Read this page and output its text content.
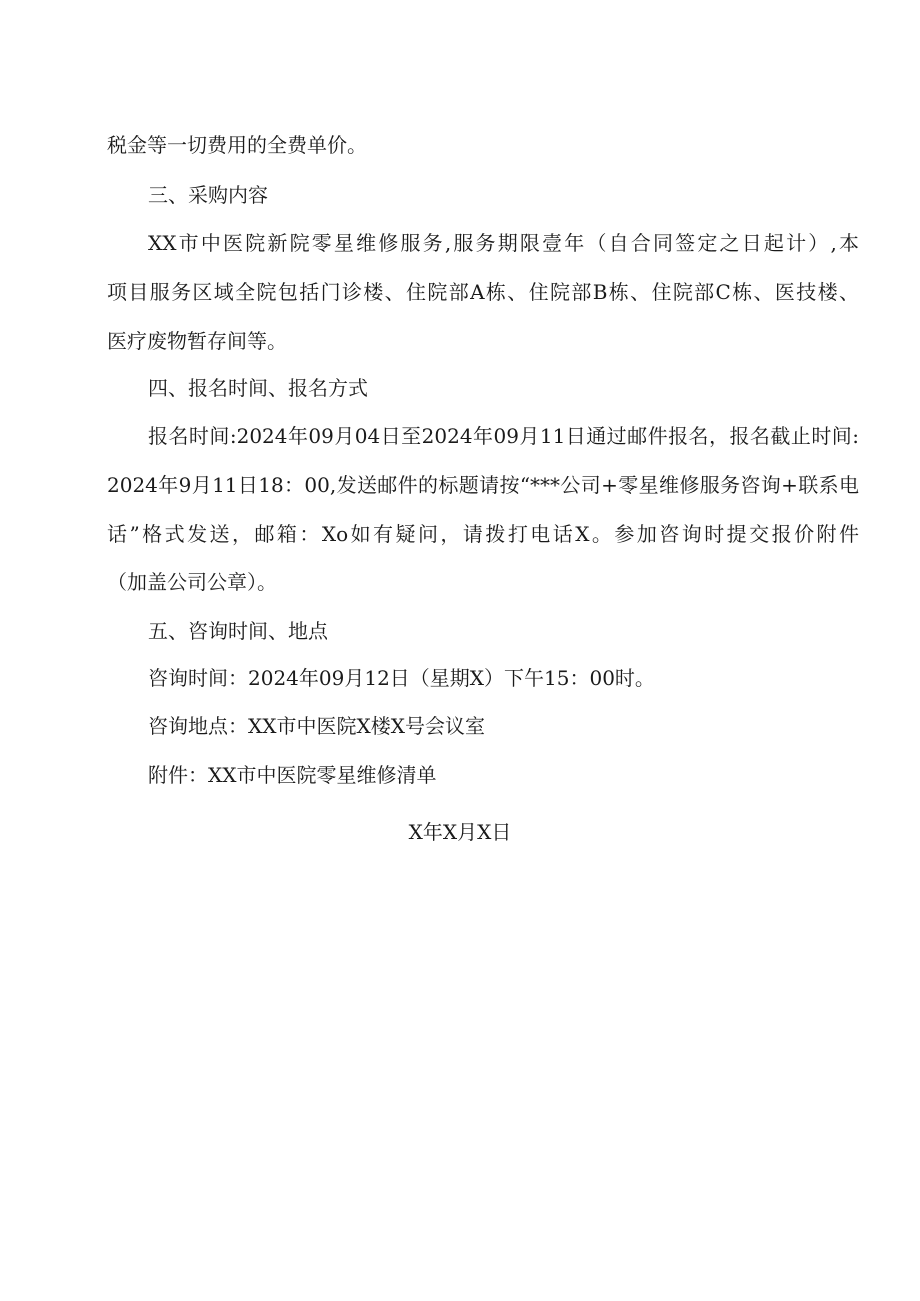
税金等一切费用的全费单价。

三、采购内容

XX市中医院新院零星维修服务,服务期限壹年（自合同签定之日起计）,本

项目服务区域全院包括门诊楼、住院部A栋、住院部B栋、住院部C栋、医技楼、

医疗废物暂存间等。

四、报名时间、报名方式

报名时间:2024年09月04日至2024年09月11日通过邮件报名，报名截止时间:

2024年9月11日18：00,发送邮件的标题请按“***公司+零星维修服务咨询+联系电

话”格式发送，邮箱：Xo如有疑问，请拨打电话X。参加咨询时提交报价附件

（加盖公司公章）。

五、咨询时间、地点

咨询时间：2024年09月12日（星期X）下午15：00时。

咨询地点：XX市中医院X楼X号会议室

附件：XX市中医院零星维修清单

X年X月X日
